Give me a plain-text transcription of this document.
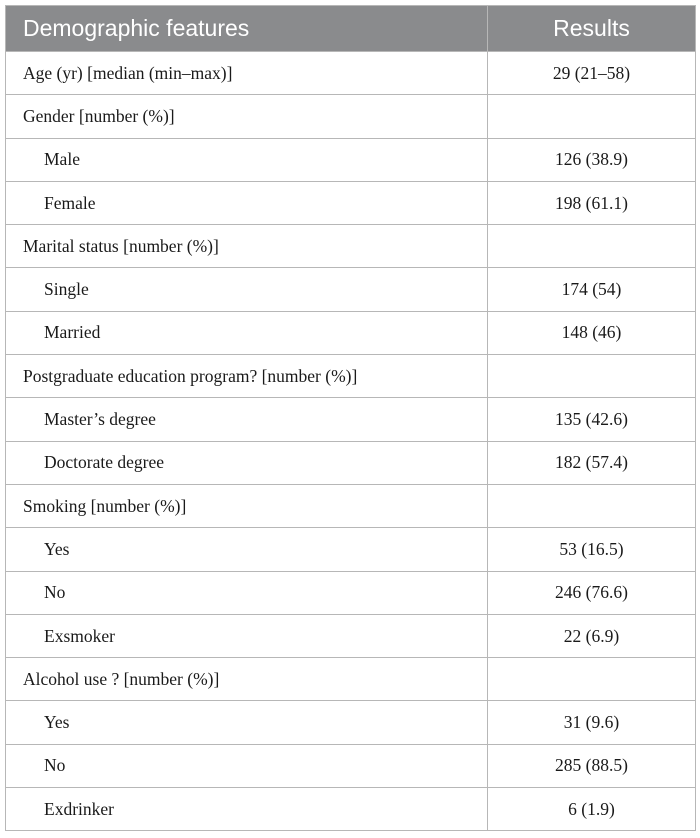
Demographic features	Results
Age (yr) [median (min–max)]	29 (21–58)
Gender [number (%)]	
Male	126 (38.9)
Female	198 (61.1)
Marital status [number (%)]	
Single	174 (54)
Married	148 (46)
Postgraduate education program? [number (%)]	
Master’s degree	135 (42.6)
Doctorate degree	182 (57.4)
Smoking [number (%)]	
Yes	53 (16.5)
No	246 (76.6)
Exsmoker	22 (6.9)
Alcohol use ? [number (%)]	
Yes	31 (9.6)
No	285 (88.5)
Exdrinker	6 (1.9)
